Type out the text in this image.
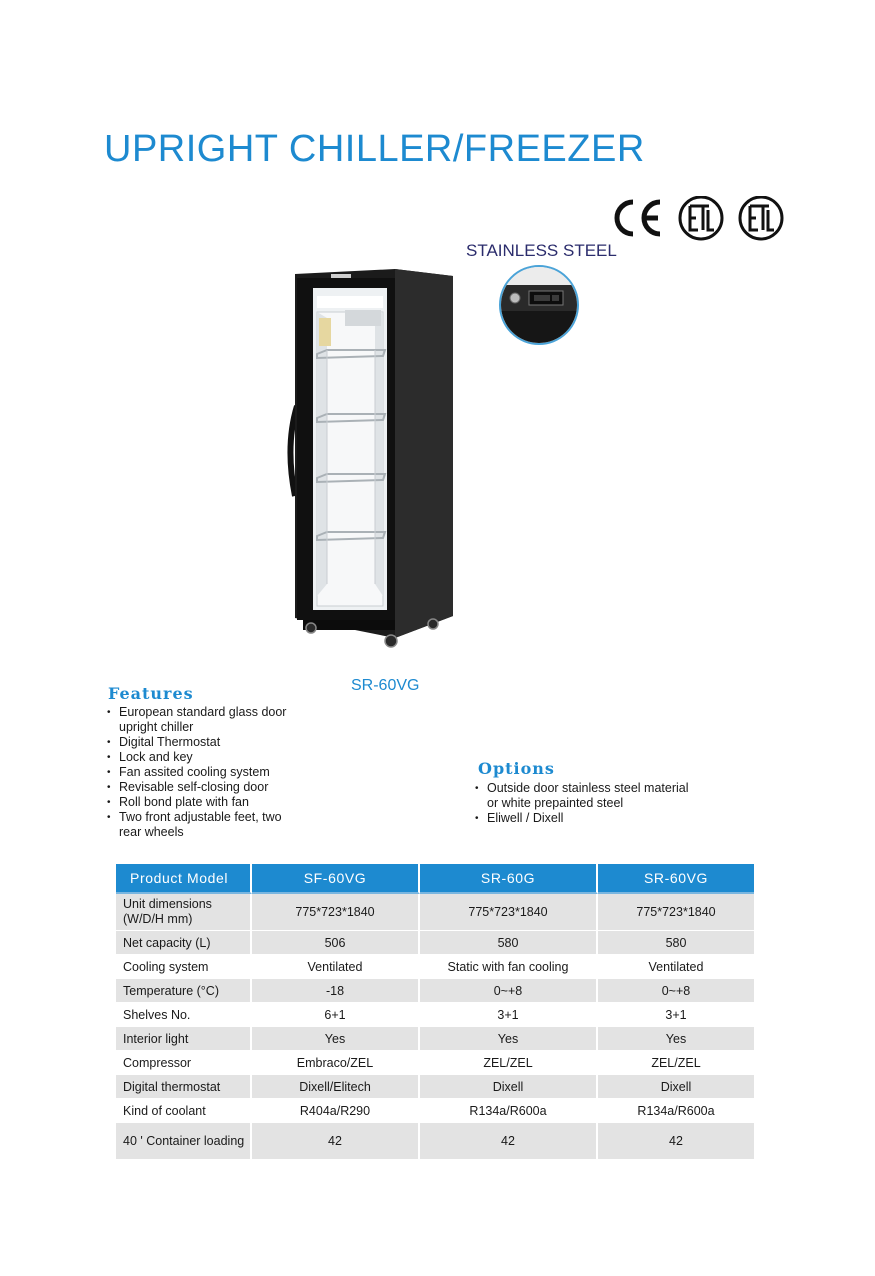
UPRIGHT CHILLER/FREEZER
STAINLESS STEEL
SR-60VG
Features
• European standard glass door upright chiller
• Digital Thermostat
• Lock and key
• Fan assited cooling system
• Revisable self-closing door
• Roll bond plate with fan
• Two front adjustable feet, two rear wheels
Options
• Outside door stainless steel material or white prepainted steel
• Eliwell / Dixell
Product Model	SF-60VG	SR-60G	SR-60VG
Unit dimensions (W/D/H mm)	775*723*1840	775*723*1840	775*723*1840
Net capacity (L)	506	580	580
Cooling system	Ventilated	Static with fan cooling	Ventilated
Temperature (°C)	-18	0~+8	0~+8
Shelves No.	6+1	3+1	3+1
Interior light	Yes	Yes	Yes
Compressor	Embraco/ZEL	ZEL/ZEL	ZEL/ZEL
Digital thermostat	Dixell/Elitech	Dixell	Dixell
Kind of coolant	R404a/R290	R134a/R600a	R134a/R600a
40 ' Container loading	42	42	42
